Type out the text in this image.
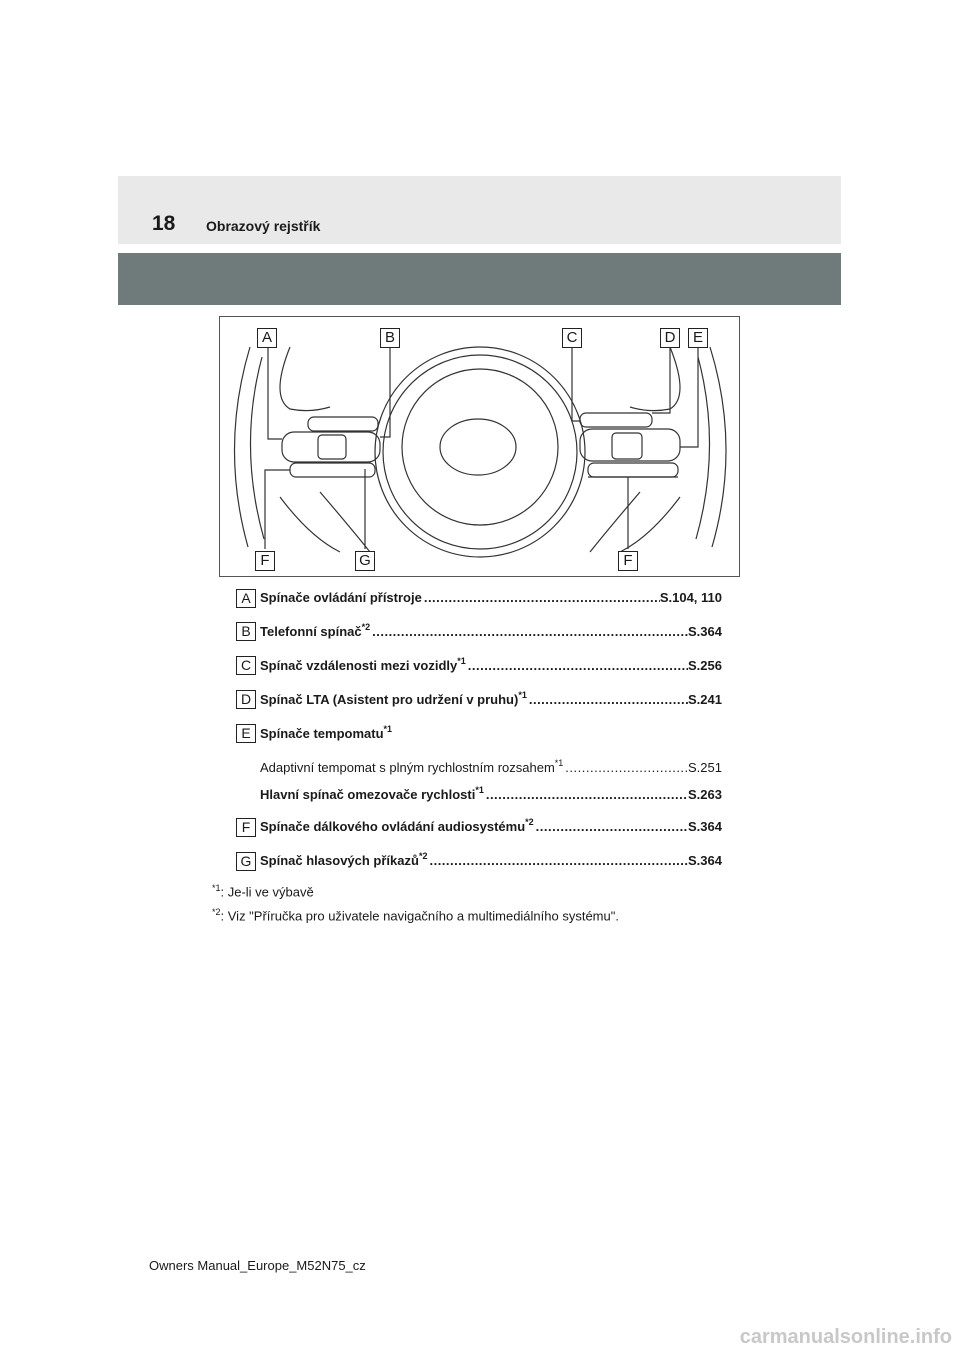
18 Obrazový rejstřík
A	B	C	D	E
F	G	F
A Spínače ovládání přístroje .....	S.104, 110
B Telefonní spínač$^{*2}$ .....	S.364
C Spínač vzdálenosti mezi vozidly$^{*1}$ .....	S.256
D Spínač LTA (Asistent pro udržení v pruhu)$^{*1}$ .....	S.241
E Spínače tempomatu$^{*1}$
Adaptivní tempomat s plným rychlostním rozsahem$^{*1}$ .....	S.251
Hlavní spínač omezovače rychlosti$^{*1}$ .....	S.263
F Spínače dálkového ovládání audiosystému$^{*2}$ .....	S.364
G Spínač hlasových příkazů$^{*2}$ .....	S.364
$^{*1}$: Je-li ve výbavě
$^{*2}$: Viz "Příručka pro uživatele navigačního a multimediálního systému".
Owners Manual_Europe_M52N75_cz
carmanualsonline.info
